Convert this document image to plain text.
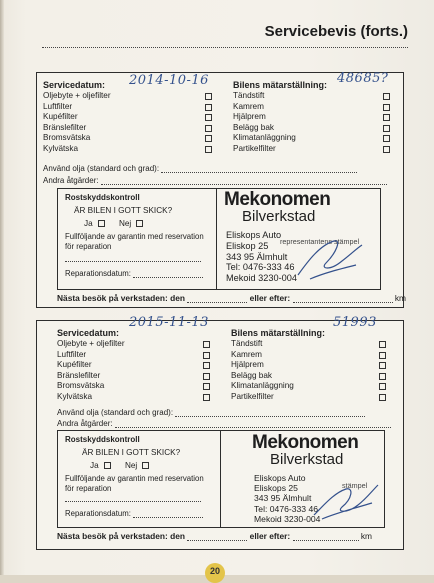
Servicebevis (forts.)
Servicedatum:
Oljebyte + oljefilter
Luftfilter
Kupéfilter
Bränslefilter
Bromsvätska
Kylvätska
2014-10-16	Bilens mätarställning:
Tändstift
Kamrem
Hjälprem
Belägg bak
Klimatanläggning
Partikelfilter
48685?
Använd olja (standard och grad):
Andra åtgärder:
Rostskyddskontroll
ÄR BILEN I GOTT SKICK?
Ja	Nej
Fullföljande av garantin med reservation för reparation
Reparationsdatum:
Mekonomen
Bilverkstad
Eliskops Auto
Eliskop 25
343 95 Älmhult
Tel: 0476-333 46
Mekoid 3230-004
representantens stämpel
Nästa besök på verkstaden: den	eller efter:	km
Servicedatum:
Oljebyte + oljefilter
Luftfilter
Kupéfilter
Bränslefilter
Bromsvätska
Kylvätska
2015-11-13
Bilens mätarställning:
Tändstift
Kamrem
Hjälprem
Belägg bak
Klimatanläggning
Partikelfilter
51993
Använd olja (standard och grad):
Andra åtgärder:
Rostskyddskontroll
ÄR BILEN I GOTT SKICK?
Ja	Nej
Fullföljande av garantin med reservation för reparation
Reparationsdatum:
Mekonomen
Bilverkstad
Eliskops Auto
Eliskops 25
343 95 Älmhult
Tel: 0476-333 46
Mekoid 3230-004
stämpel
Nästa besök på verkstaden: den	eller efter:	km
20
